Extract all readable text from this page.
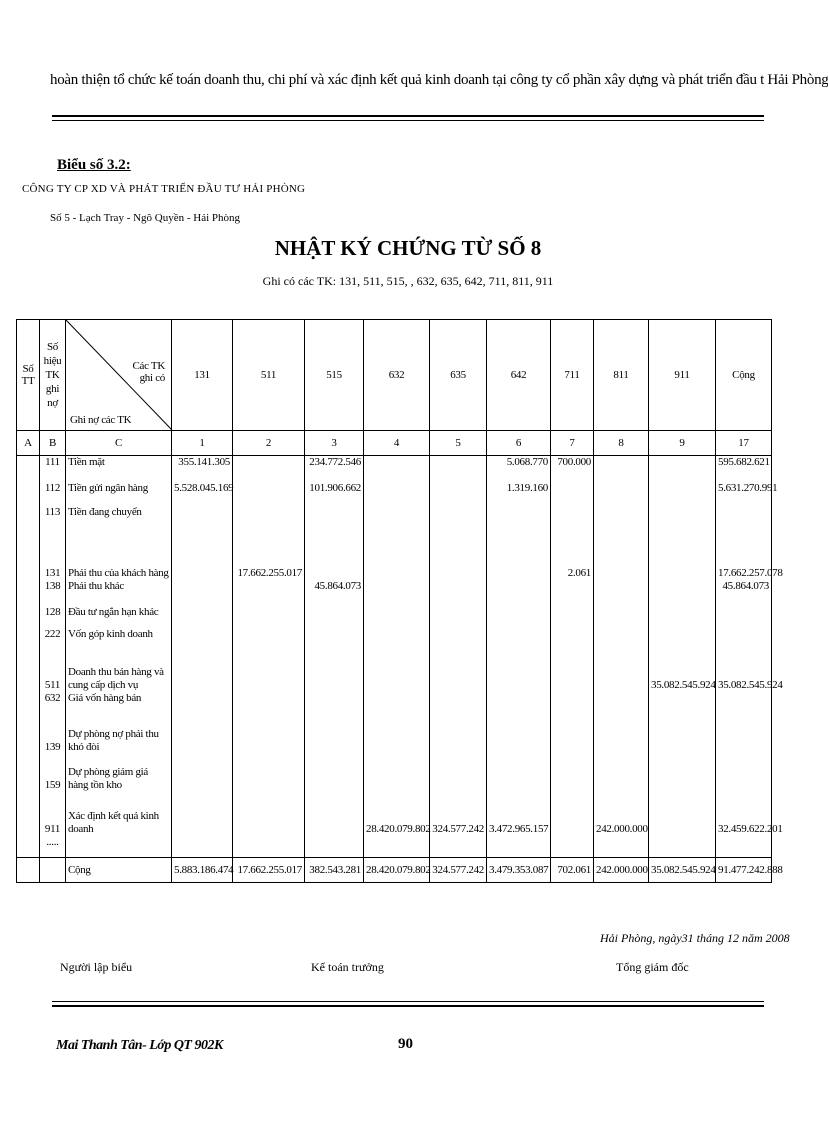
hoàn thiện tổ chức kế toán doanh thu, chi phí và xác định kết quả kinh doanh tại công ty cổ phần xây dựng và phát triển đầu t Hải Phòng
Biểu số 3.2:
CÔNG TY CP XD VÀ PHÁT TRIỂN ĐẦU TƯ HẢI PHÒNG
Số 5 - Lạch Tray - Ngô Quyền - Hải Phòng
NHẬT KÝ CHỨNG TỪ SỐ 8
Ghi có các TK: 131, 511, 515, , 632, 635, 642, 711, 811, 911
Số TT	Số hiệu TK ghi nợ	Các TK ghi có
Ghi nợ các TK	131	511	515	632	635	642	711	811	911	Cộng
A	B	C	1	2	3	4	5	6	7	8	9	17
	111	Tiền mặt	355.141.305		234.772.546			5.068.770	700.000			595.682.621
	112	Tiền gửi ngân hàng	5.528.045.169		101.906.662			1.319.160				5.631.270.991
	113	Tiền đang chuyển										
	131	Phải thu của khách hàng		17.662.255.017					2.061			17.662.257.078
	138	Phải thu khác			45.864.073							45.864.073
	128	Đầu tư ngắn hạn khác										
	222	Vốn góp kinh doanh										
	511	Doanh thu bán hàng và cung cấp dịch vụ									35.082.545.924	35.082.545.924
	632	Giá vốn hàng bán										
	139	Dự phòng nợ phải thu khó đòi										
	159	Dự phòng giảm giá hàng tồn kho										
	911	Xác định kết quả kinh doanh				28.420.079.802	324.577.242	3.472.965.157		242.000.000		32.459.622.201
	.....											
		Cộng	5.883.186.474	17.662.255.017	382.543.281	28.420.079.802	324.577.242	3.479.353.087	702.061	242.000.000	35.082.545.924	91.477.242.888
Hải Phòng, ngày31 tháng 12 năm 2008
Người lập biểu	Kế toán trưởng	Tổng giám đốc
Mai Thanh Tân- Lớp QT 902K	90
